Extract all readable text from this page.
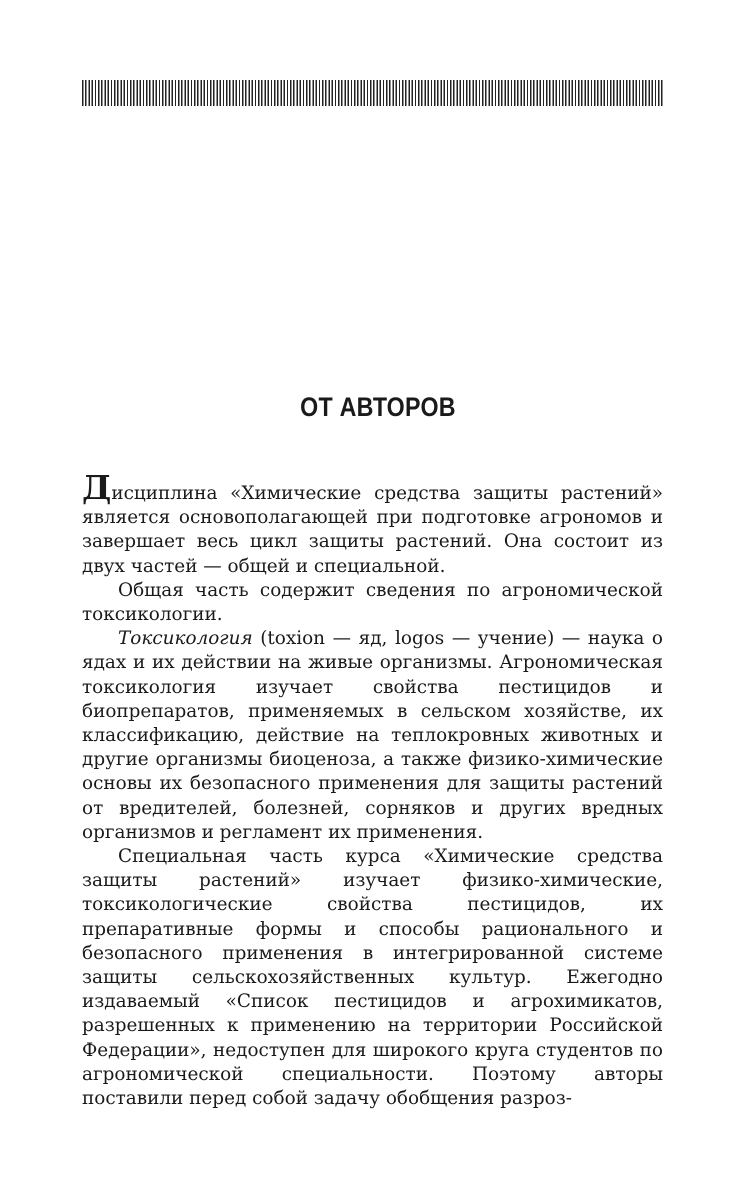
ОТ АВТОРОВ

Дисциплина «Химические средства защиты растений» является основополагающей при подготовке агрономов и завершает весь цикл защиты растений. Она состоит из двух частей — общей и специальной.

Общая часть содержит сведения по агрономической токсикологии.

Токсикология (toxion — яд, logos — учение) — наука о ядах и их действии на живые организмы. Агрономическая токсикология изучает свойства пестицидов и биопрепаратов, применяемых в сельском хозяйстве, их классификацию, действие на теплокровных животных и другие организмы биоценоза, а также физико-химические основы их безопасного применения для защиты растений от вредителей, болезней, сорняков и других вредных организмов и регламент их применения.

Специальная часть курса «Химические средства защиты растений» изучает физико-химические, токсикологические свойства пестицидов, их препаративные формы и способы рационального и безопасного применения в интегрированной системе защиты сельскохозяйственных культур. Ежегодно издаваемый «Список пестицидов и агрохимикатов, разрешенных к применению на территории Российской Федерации», недоступен для широкого круга студентов по агрономической специальности. Поэтому авторы поставили перед собой задачу обобщения разроз-
